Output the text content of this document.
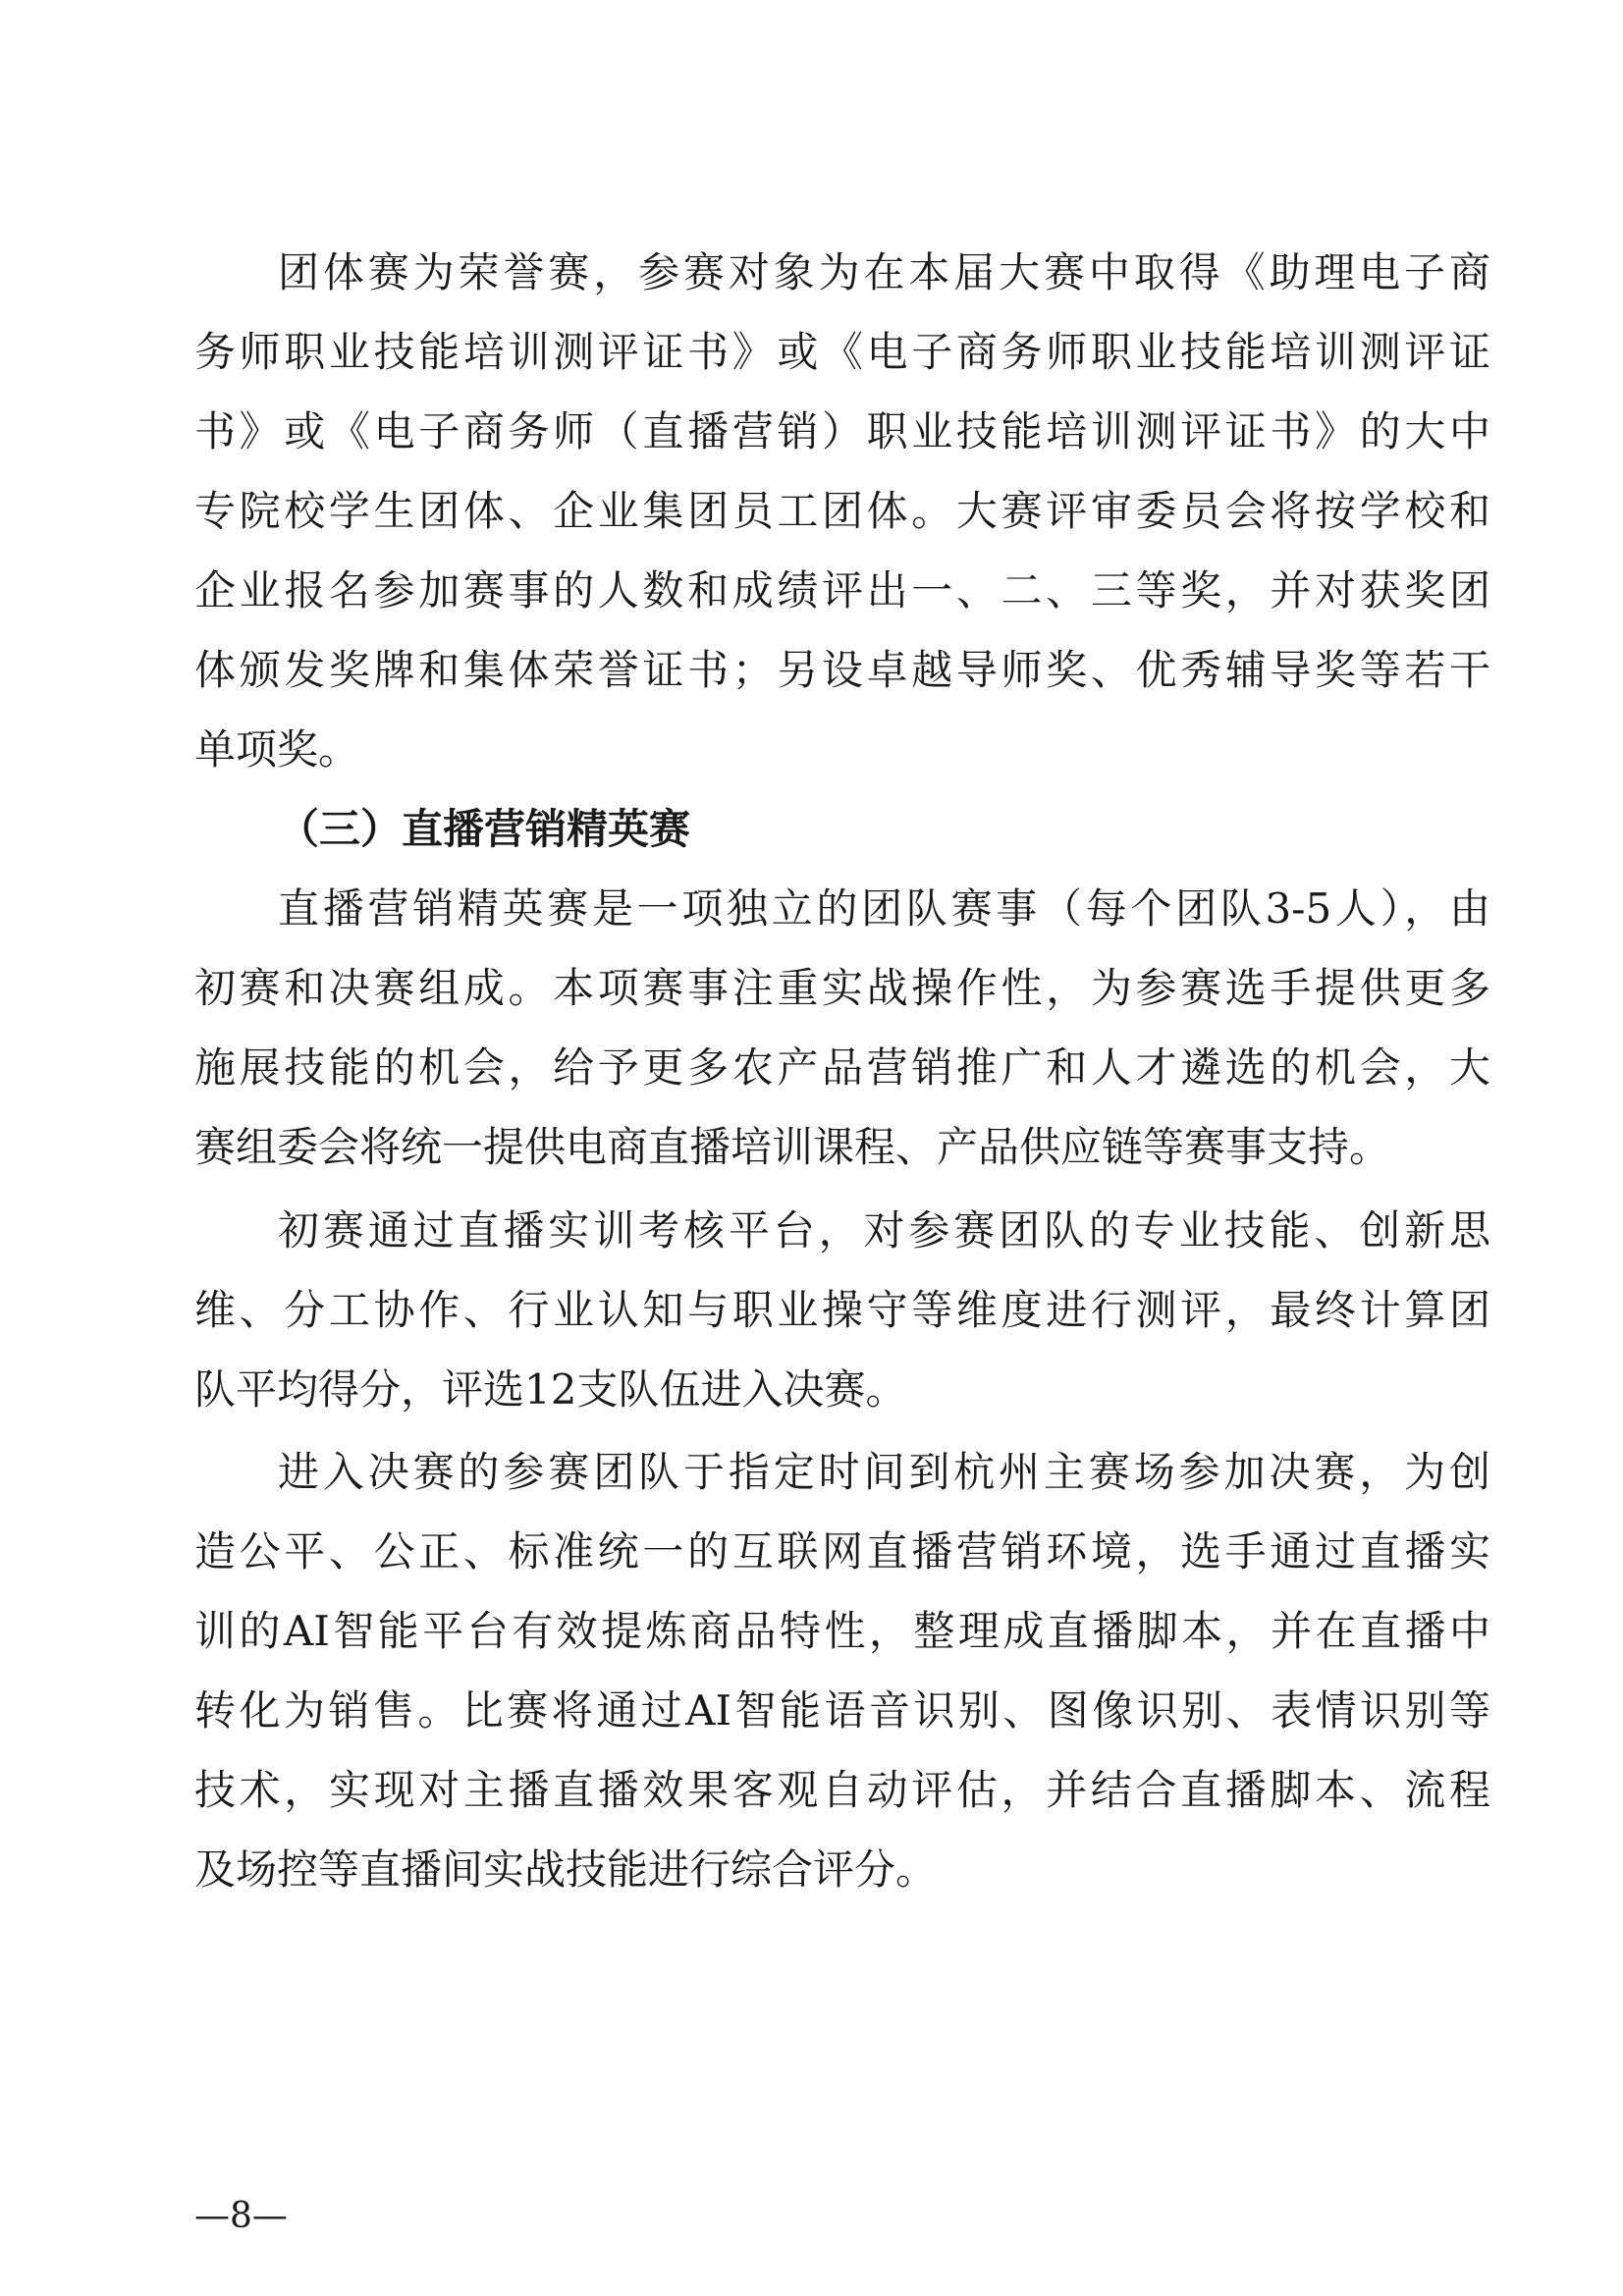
团体赛为荣誉赛，参赛对象为在本届大赛中取得《助理电子商
务师职业技能培训测评证书》或《电子商务师职业技能培训测评证
书》或《电子商务师（直播营销）职业技能培训测评证书》的大中
专院校学生团体、企业集团员工团体。大赛评审委员会将按学校和
企业报名参加赛事的人数和成绩评出一、二、三等奖，并对获奖团
体颁发奖牌和集体荣誉证书；另设卓越导师奖、优秀辅导奖等若干
单项奖。
（三）直播营销精英赛
直播营销精英赛是一项独立的团队赛事（每个团队3-5人），由
初赛和决赛组成。本项赛事注重实战操作性，为参赛选手提供更多
施展技能的机会，给予更多农产品营销推广和人才遴选的机会，大
赛组委会将统一提供电商直播培训课程、产品供应链等赛事支持。
初赛通过直播实训考核平台，对参赛团队的专业技能、创新思
维、分工协作、行业认知与职业操守等维度进行测评，最终计算团
队平均得分，评选12支队伍进入决赛。
进入决赛的参赛团队于指定时间到杭州主赛场参加决赛，为创
造公平、公正、标准统一的互联网直播营销环境，选手通过直播实
训的AI智能平台有效提炼商品特性，整理成直播脚本，并在直播中
转化为销售。比赛将通过AI智能语音识别、图像识别、表情识别等
技术，实现对主播直播效果客观自动评估，并结合直播脚本、流程
及场控等直播间实战技能进行综合评分。
—8—
